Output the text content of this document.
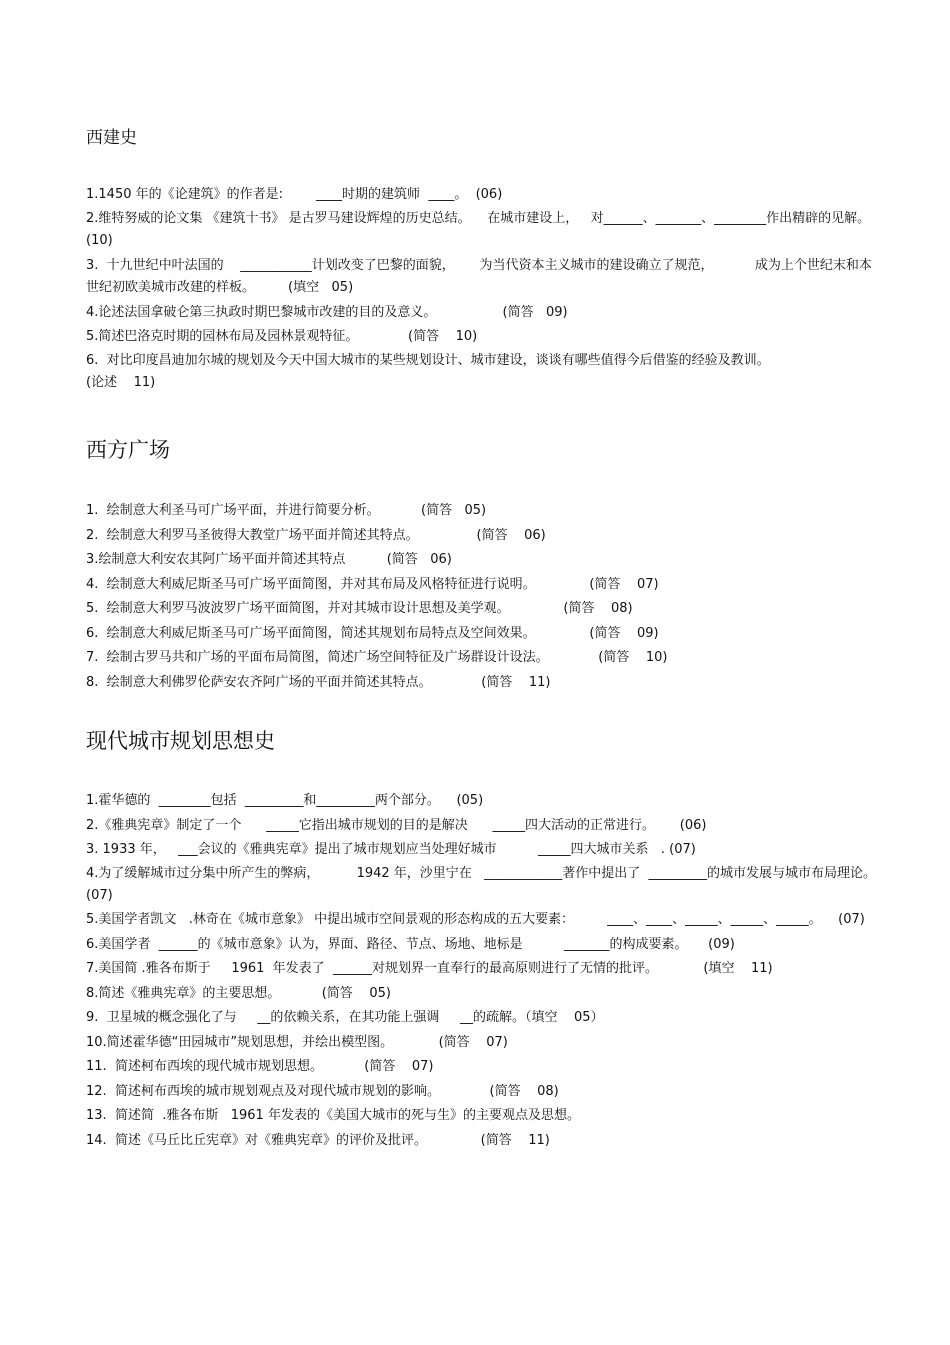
西建史

1.1450 年的《论建筑》的作者是:        ____时期的建筑师  ____。  (06)

2.维特努威的论文集 《建筑十书》 是古罗马建设辉煌的历史总结。    在城市建设上，   对______、_______、________作出精辟的见解。    (10)

3.  十九世纪中叶法国的    ___________计划改变了巴黎的面貌，      为当代资本主义城市的建设确立了规范，          成为上个世纪末和本世纪初欧美城市改建的样板。        (填空   05)

4.论述法国拿破仑第三执政时期巴黎城市改建的目的及意义。                (简答   09)

5.简述巴洛克时期的园林布局及园林景观特征。            (简答    10)

6.  对比印度昌迪加尔城的规划及今天中国大城市的某些规划设计、城市建设，谈谈有哪些值得今后借鉴的经验及教训。    (论述    11)

西方广场

1.  绘制意大利圣马可广场平面，并进行简要分析。          (简答   05)

2.  绘制意大利罗马圣彼得大教堂广场平面并简述其特点。              (简答    06)

3.绘制意大利安农其阿广场平面并简述其特点          (简答   06)

4.  绘制意大利威尼斯圣马可广场平面简图，并对其布局及风格特征进行说明。             (简答    07)

5.  绘制意大利罗马波波罗广场平面简图，并对其城市设计思想及美学观。             (简答    08)

6.  绘制意大利威尼斯圣马可广场平面简图，简述其规划布局特点及空间效果。             (简答    09)

7.  绘制古罗马共和广场的平面布局简图，简述广场空间特征及广场群设计设法。            (简答    10)

8.  绘制意大利佛罗伦萨安农齐阿广场的平面并简述其特点。            (简答    11)

现代城市规划思想史

1.霍华德的  ________包括  _________和_________两个部分。    (05)

2.《雅典宪章》制定了一个      _____它指出城市规划的目的是解决      _____四大活动的正常进行。      (06)

3. 1933 年，   ___会议的《雅典宪章》提出了城市规划应当处理好城市          _____四大城市关系   . (07)

4.为了缓解城市过分集中所产生的弊病，         1942 年，沙里宁在   ____________著作中提出了  _________的城市发展与城市布局理论。     (07)

5.美国学者凯文   .林奇在《城市意象》 中提出城市空间景观的形态构成的五大要素：        ____、____、_____、_____、_____。    (07)

6.美国学者  ______的《城市意象》认为，界面、路径、节点、场地、地标是          _______的构成要素。     (09)

7.美国简 .雅各布斯于     1961  年发表了  ______对规划界一直奉行的最高原则进行了无情的批评。           (填空    11)

8.简述《雅典宪章》的主要思想。          (简答    05)

9.  卫星城的概念强化了与     __的依赖关系，在其功能上强调     __的疏解。（填空    05）

10.简述霍华德“田园城市”规划思想，并绘出模型图。           (简答    07)

11.  简述柯布西埃的现代城市规划思想。          (简答    07)

12.  简述柯布西埃的城市规划观点及对现代城市规划的影响。            (简答    08)

13.  简述简  .雅各布斯   1961 年发表的《美国大城市的死与生》的主要观点及思想。

14.  简述《马丘比丘宪章》对《雅典宪章》的评价及批评。             (简答    11)
